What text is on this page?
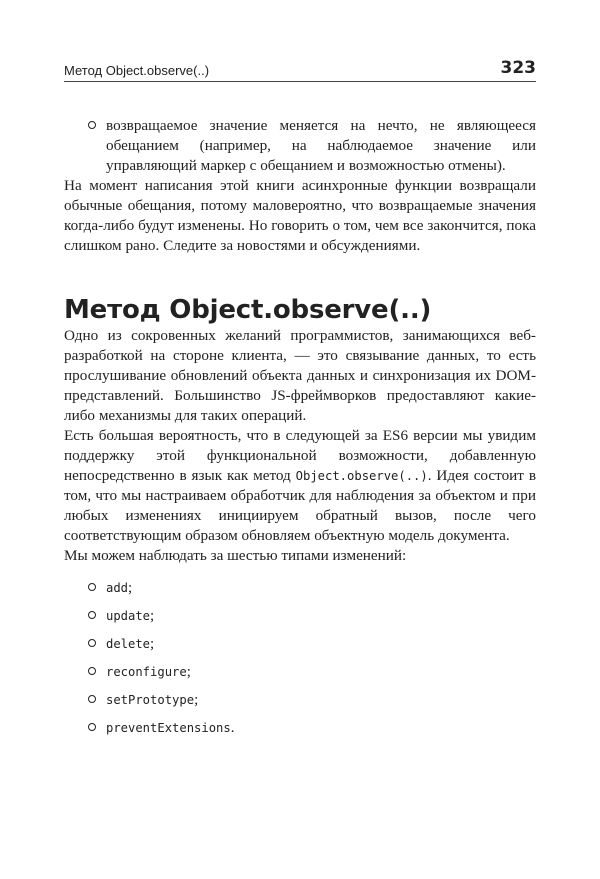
Метод Object.observe(..)	323
возвращаемое значение меняется на нечто, не являющееся обещанием (например, на наблюдаемое значение или управляющий маркер с обещанием и возможностью отмены).

На момент написания этой книги асинхронные функции возвращали обычные обещания, потому маловероятно, что возвращаемые значения когда-либо будут изменены. Но говорить о том, чем все закончится, пока слишком рано. Следите за новостями и обсуждениями.

Метод Object.observe(..)

Одно из сокровенных желаний программистов, занимающихся веб-разработкой на стороне клиента, — это связывание данных, то есть прослушивание обновлений объекта данных и синхронизация их DOM-представлений. Большинство JS-фреймворков предоставляют какие-либо механизмы для таких операций.

Есть большая вероятность, что в следующей за ES6 версии мы увидим поддержку этой функциональной возможности, добавленную непосредственно в язык как метод Object.observe(..). Идея состоит в том, что мы настраиваем обработчик для наблюдения за объектом и при любых изменениях инициируем обратный вызов, после чего соответствующим образом обновляем объектную модель документа.

Мы можем наблюдать за шестью типами изменений:

add;
update;
delete;
reconfigure;
setPrototype;
preventExtensions.
